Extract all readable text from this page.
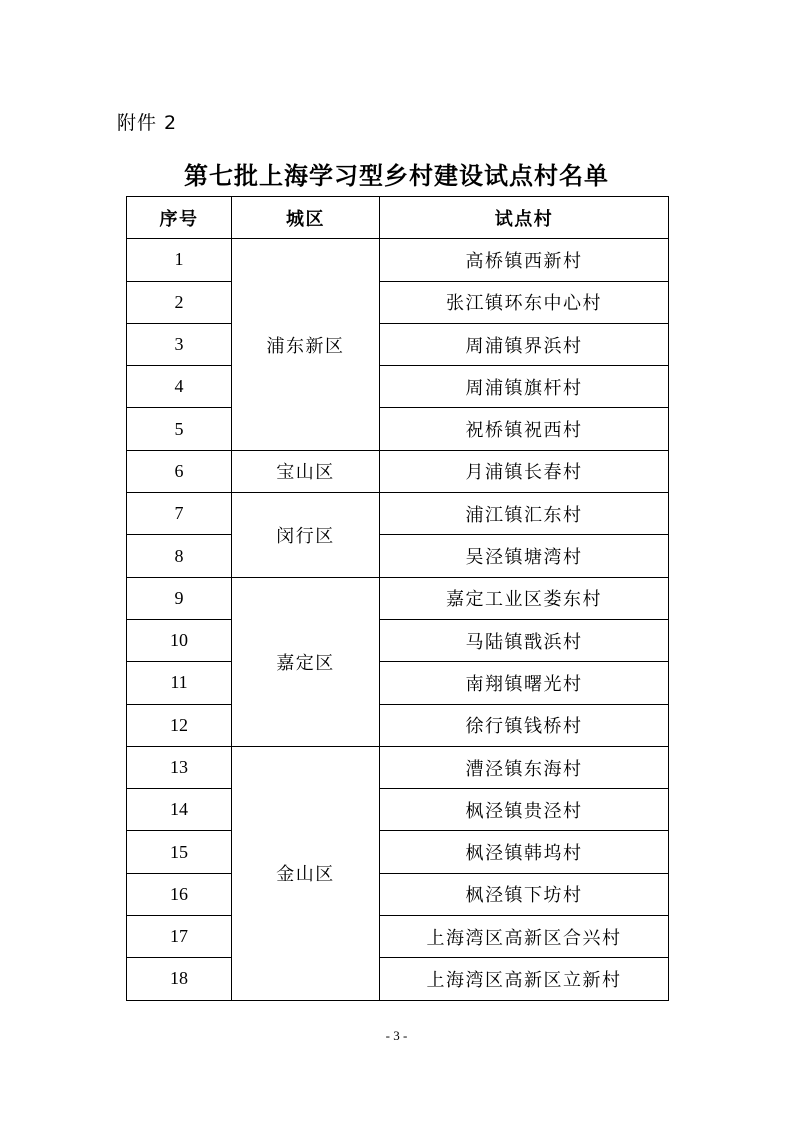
附件 2
第七批上海学习型乡村建设试点村名单
序号	城区	试点村
1	浦东新区	高桥镇西新村
2		张江镇环东中心村
3		周浦镇界浜村
4		周浦镇旗杆村
5		祝桥镇祝西村
6	宝山区	月浦镇长春村
7	闵行区	浦江镇汇东村
8		吴泾镇塘湾村
9	嘉定区	嘉定工业区娄东村
10		马陆镇戬浜村
11		南翔镇曙光村
12		徐行镇钱桥村
13	金山区	漕泾镇东海村
14		枫泾镇贵泾村
15		枫泾镇韩坞村
16		枫泾镇下坊村
17		上海湾区高新区合兴村
18		上海湾区高新区立新村
- 3 -
